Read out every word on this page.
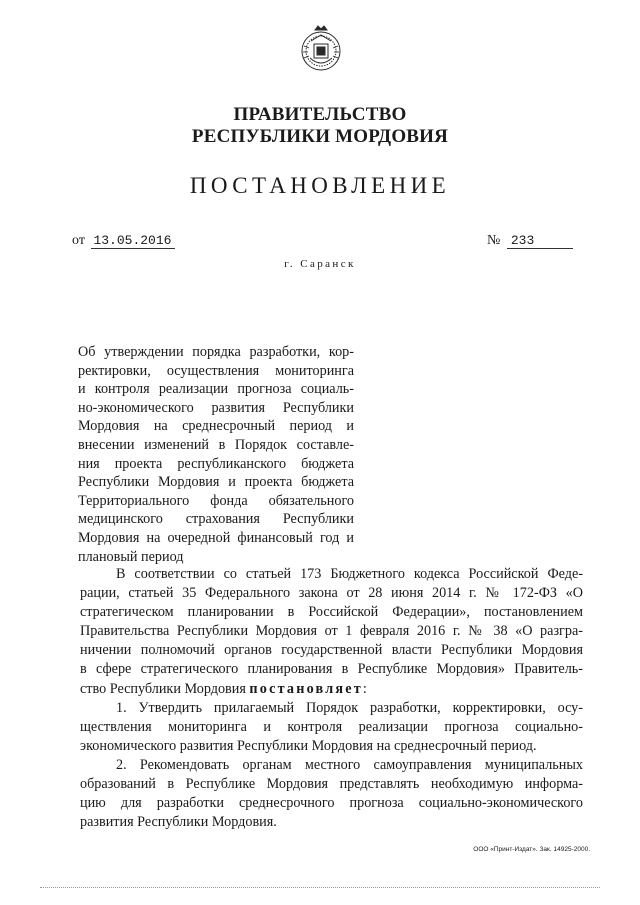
ПРАВИТЕЛЬСТВО
РЕСПУБЛИКИ МОРДОВИЯ
ПОСТАНОВЛЕНИЕ
от 13.05.2016	№ 233
г. Саранск
Об утверждении порядка разработки, кор-
ректировки, осуществления мониторинга
и контроля реализации прогноза социаль-
но-экономического развития Республики
Мордовия на среднесрочный период и
внесении изменений в Порядок составле-
ния проекта республиканского бюджета
Республики Мордовия и проекта бюджета
Территориального фонда обязательного
медицинского страхования Республики
Мордовия на очередной финансовый год и
плановый период
В соответствии со статьей 173 Бюджетного кодекса Российской Феде-
рации, статьей 35 Федерального закона от 28 июня 2014 г. № 172-ФЗ «О
стратегическом планировании в Российской Федерации», постановлением
Правительства Республики Мордовия от 1 февраля 2016 г. № 38 «О разгра-
ничении полномочий органов государственной власти Республики Мордовия
в сфере стратегического планирования в Республике Мордовия» Правитель-
ство Республики Мордовия постановляет:
1. Утвердить прилагаемый Порядок разработки, корректировки, осу-
ществления мониторинга и контроля реализации прогноза социально-
экономического развития Республики Мордовия на среднесрочный период.
2. Рекомендовать органам местного самоуправления муниципальных
образований в Республике Мордовия представлять необходимую информа-
цию для разработки среднесрочного прогноза социально-экономического
развития Республики Мордовия.
ООО «Принт-Издат». Зак. 14925-2000.
